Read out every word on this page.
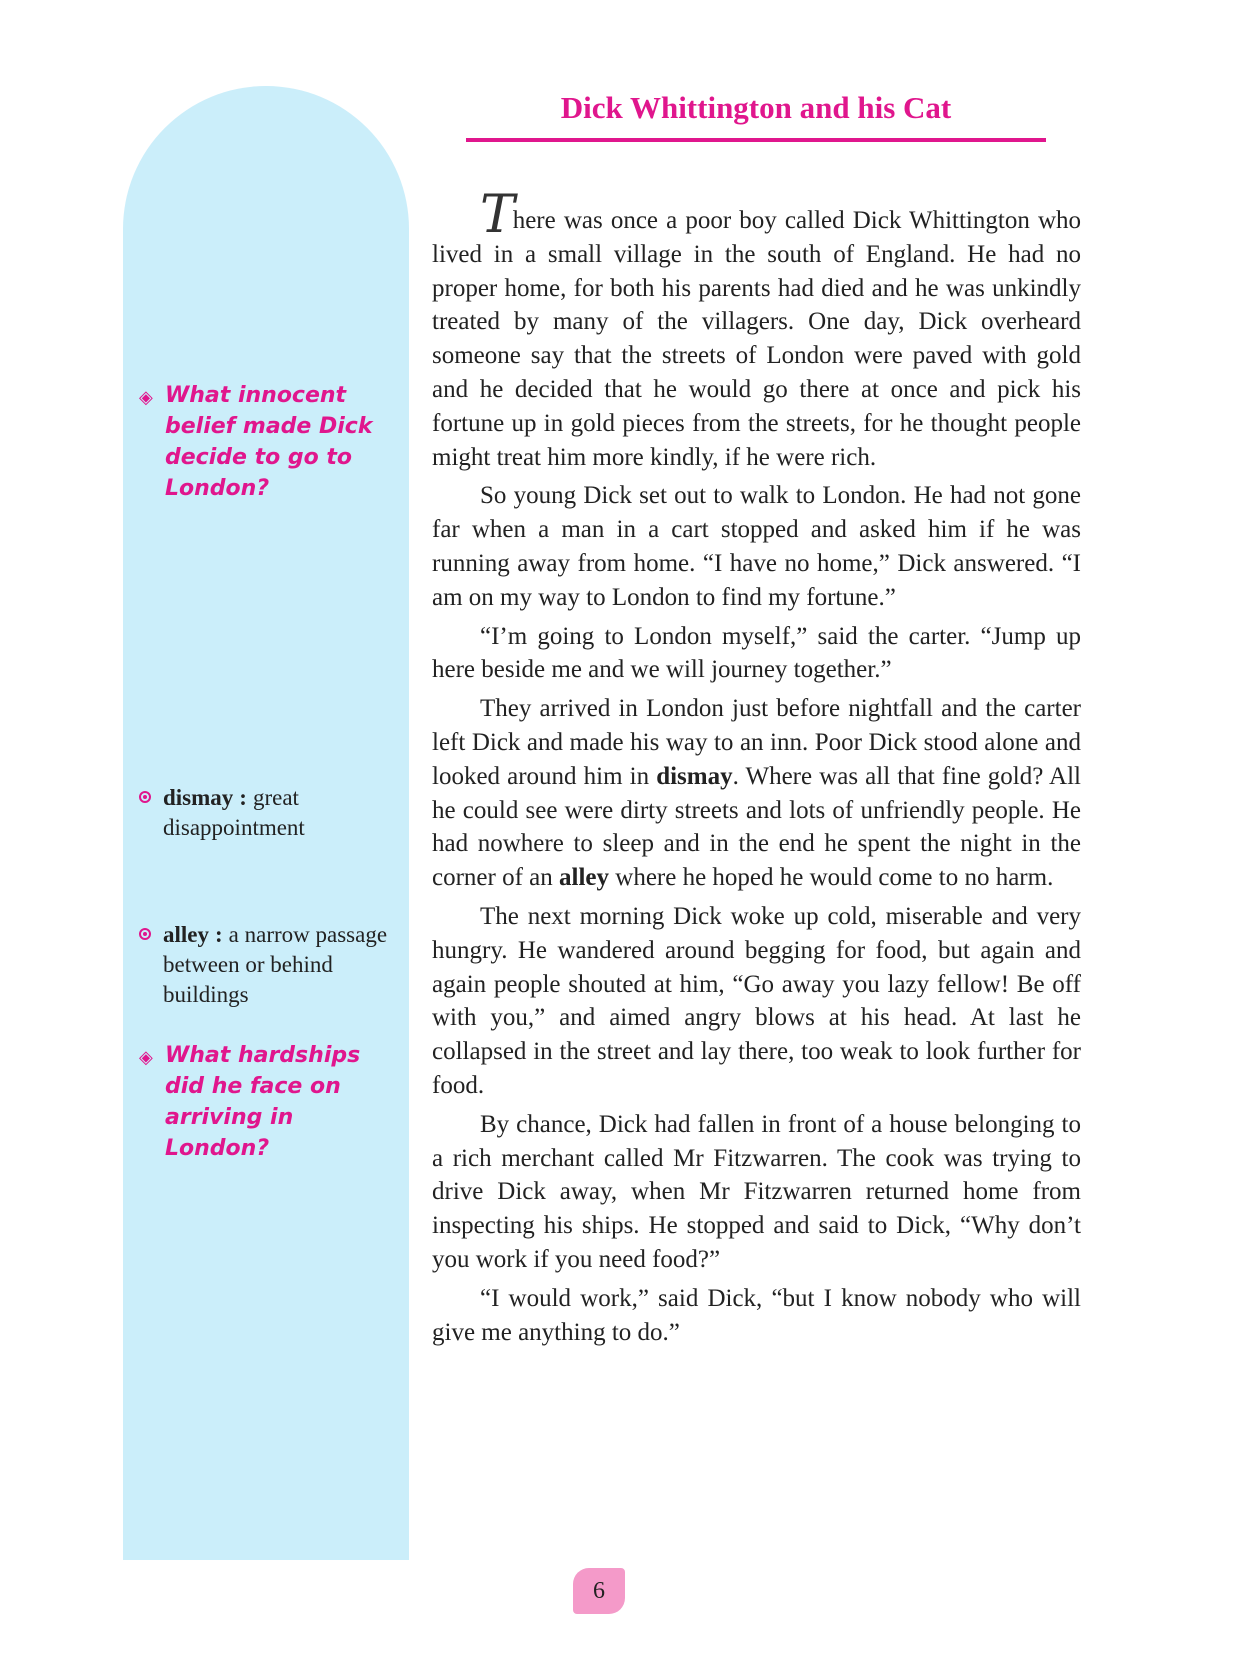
◈ What innocent belief made Dick decide to go to London?
dismay : great disappointment
alley : a narrow passage between or behind buildings
◈ What hardships did he face on arriving in London?
Dick Whittington and his Cat

There was once a poor boy called Dick Whittington who lived in a small village in the south of England. He had no proper home, for both his parents had died and he was unkindly treated by many of the villagers. One day, Dick overheard someone say that the streets of London were paved with gold and he decided that he would go there at once and pick his fortune up in gold pieces from the streets, for he thought people might treat him more kindly, if he were rich.

So young Dick set out to walk to London. He had not gone far when a man in a cart stopped and asked him if he was running away from home. “I have no home,” Dick answered. “I am on my way to London to find my fortune.”

“I’m going to London myself,” said the carter. “Jump up here beside me and we will journey together.”

They arrived in London just before nightfall and the carter left Dick and made his way to an inn. Poor Dick stood alone and looked around him in dismay. Where was all that fine gold? All he could see were dirty streets and lots of unfriendly people. He had nowhere to sleep and in the end he spent the night in the corner of an alley where he hoped he would come to no harm.

The next morning Dick woke up cold, miserable and very hungry. He wandered around begging for food, but again and again people shouted at him, “Go away you lazy fellow! Be off with you,” and aimed angry blows at his head. At last he collapsed in the street and lay there, too weak to look further for food.

By chance, Dick had fallen in front of a house belonging to a rich merchant called Mr Fitzwarren. The cook was trying to drive Dick away, when Mr Fitzwarren returned home from inspecting his ships. He stopped and said to Dick, “Why don’t you work if you need food?”

“I would work,” said Dick, “but I know nobody who will give me anything to do.”

6
